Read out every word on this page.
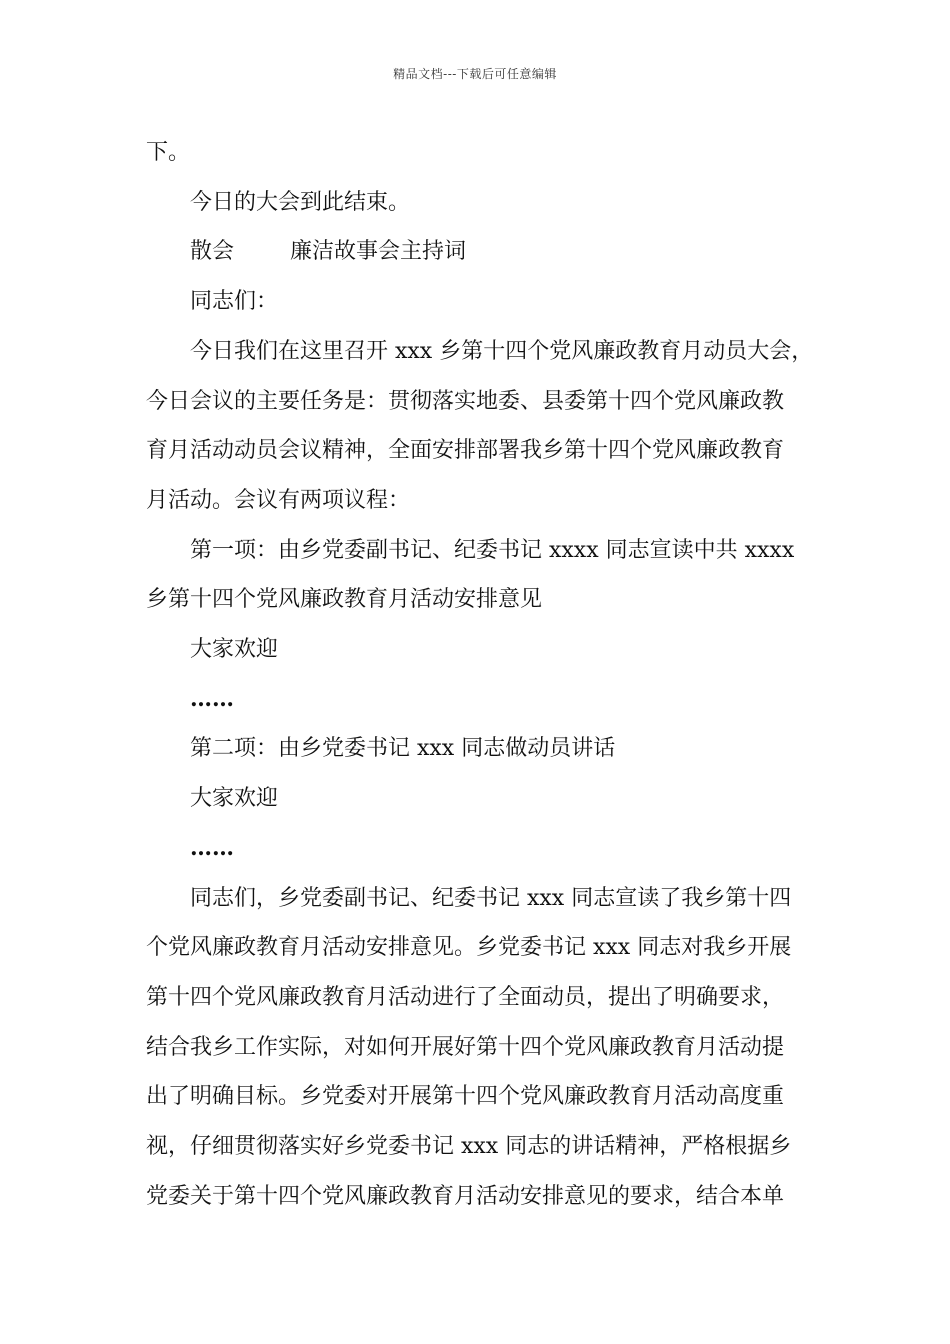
精品文档---下载后可任意编辑

下。

今日的大会到此结束。

散会        廉洁故事会主持词

同志们：

今日我们在这里召开 xxx 乡第十四个党风廉政教育月动员大会，

今日会议的主要任务是：贯彻落实地委、县委第十四个党风廉政教

育月活动动员会议精神，全面安排部署我乡第十四个党风廉政教育

月活动。会议有两项议程：

第一项：由乡党委副书记、纪委书记 xxxx 同志宣读中共 xxxx

乡第十四个党风廉政教育月活动安排意见

大家欢迎

……

第二项：由乡党委书记 xxx 同志做动员讲话

大家欢迎

……

同志们，乡党委副书记、纪委书记 xxx 同志宣读了我乡第十四

个党风廉政教育月活动安排意见。乡党委书记 xxx 同志对我乡开展

第十四个党风廉政教育月活动进行了全面动员，提出了明确要求，

结合我乡工作实际，对如何开展好第十四个党风廉政教育月活动提

出了明确目标。乡党委对开展第十四个党风廉政教育月活动高度重

视，仔细贯彻落实好乡党委书记 xxx 同志的讲话精神，严格根据乡

党委关于第十四个党风廉政教育月活动安排意见的要求，结合本单
